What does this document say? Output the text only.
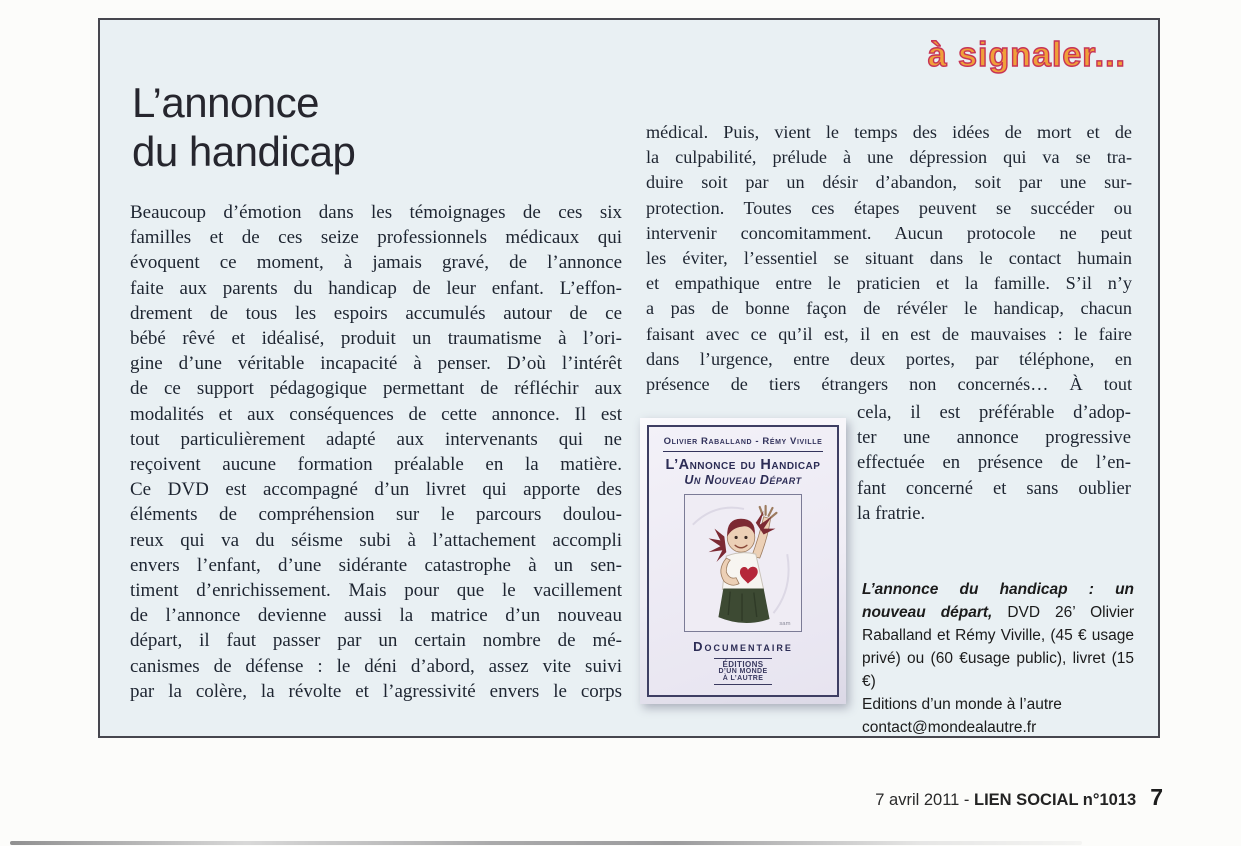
à signaler...
L’annonce
du handicap
Beaucoup d’émotion dans les témoignages de ces six
familles et de ces seize professionnels médicaux qui
évoquent ce moment, à jamais gravé, de l’annonce
faite aux parents du handicap de leur enfant. L’effon-
drement de tous les espoirs accumulés autour de ce
bébé rêvé et idéalisé, produit un traumatisme à l’ori-
gine d’une véritable incapacité à penser. D’où l’intérêt
de ce support pédagogique permettant de réfléchir aux
modalités et aux conséquences de cette annonce. Il est
tout particulièrement adapté aux intervenants qui ne
reçoivent aucune formation préalable en la matière.
Ce DVD est accompagné d’un livret qui apporte des
éléments de compréhension sur le parcours doulou-
reux qui va du séisme subi à l’attachement accompli
envers l’enfant, d’une sidérante catastrophe à un sen-
timent d’enrichissement. Mais pour que le vacillement
de l’annonce devienne aussi la matrice d’un nouveau
départ, il faut passer par un certain nombre de mé-
canismes de défense : le déni d’abord, assez vite suivi
par la colère, la révolte et l’agressivité envers le corps
médical. Puis, vient le temps des idées de mort et de
la culpabilité, prélude à une dépression qui va se tra-
duire soit par un désir d’abandon, soit par une sur-
protection. Toutes ces étapes peuvent se succéder ou
intervenir concomitamment. Aucun protocole ne peut
les éviter, l’essentiel se situant dans le contact humain
et empathique entre le praticien et la famille. S’il n’y
a pas de bonne façon de révéler le handicap, chacun
faisant avec ce qu’il est, il en est de mauvaises : le faire
dans l’urgence, entre deux portes, par téléphone, en
présence de tiers étrangers non concernés… À tout
cela, il est préférable d’adop-
ter une annonce progressive
effectuée en présence de l’en-
fant concerné et sans oublier
la fratrie.
Olivier Raballand - Rémy Viville
L’Annonce du Handicap
Un Nouveau Départ
sam
Documentaire
ÉDITIONS
D’UN MONDE
À L’AUTRE
L’annonce du handicap : un nouveau départ, DVD 26’ Olivier Raballand et Rémy Viville, (45 € usage privé) ou (60 €usage public), livret (15 €)
Editions d’un monde à l’autre
contact@mondealautre.fr
7 avril 2011 - LIEN SOCIAL n°1013 7
